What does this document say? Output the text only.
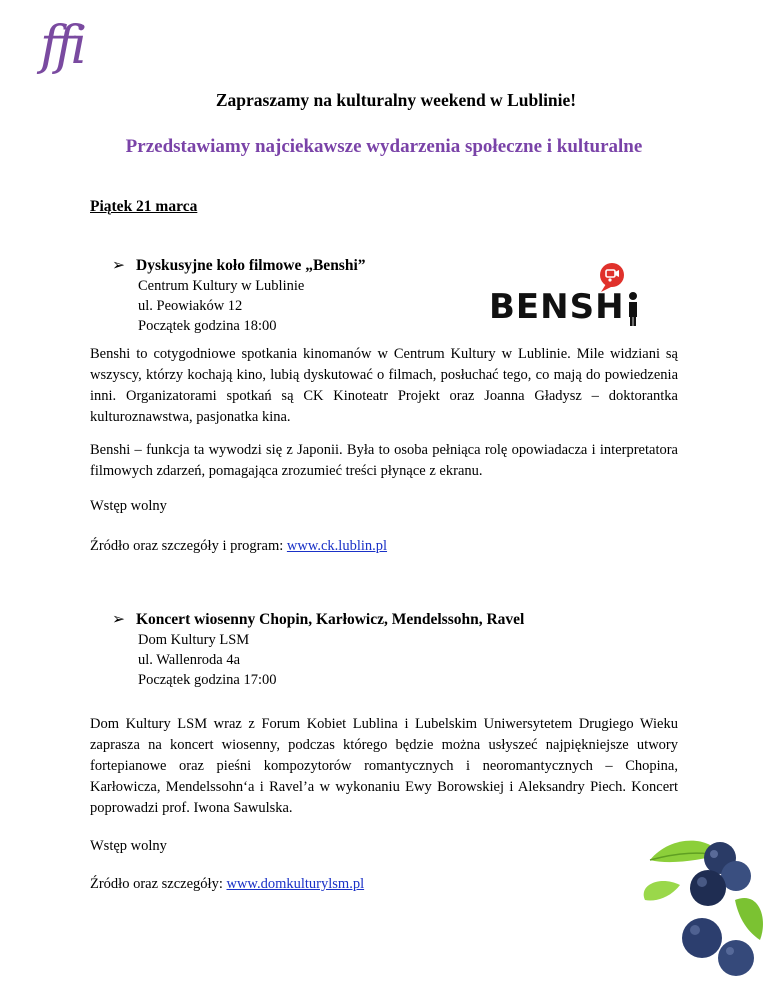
ffi
Zapraszamy na kulturalny weekend w Lublinie!
Przedstawiamy najciekawsze wydarzenia społeczne i kulturalne
Piątek 21 marca
➢ Dyskusyjne koło filmowe „Benshi”
Centrum Kultury w Lublinie
ul. Peowiaków 12
Początek godzina 18:00	BENSH
Benshi to cotygodniowe spotkania kinomanów w Centrum Kultury w Lublinie. Mile widziani są wszyscy, którzy kochają kino, lubią dyskutować o filmach, posłuchać tego, co mają do powiedzenia inni. Organizatorami spotkań są CK Kinoteatr Projekt oraz Joanna Gładysz – doktorantka kulturoznawstwa, pasjonatka kina.
Benshi – funkcja ta wywodzi się z Japonii. Była to osoba pełniąca rolę opowiadacza i interpretatora filmowych zdarzeń, pomagająca zrozumieć treści płynące z ekranu.
Wstęp wolny
Źródło oraz szczegóły i program: www.ck.lublin.pl
➢ Koncert wiosenny Chopin, Karłowicz, Mendelssohn, Ravel
Dom Kultury LSM
ul. Wallenroda 4a
Początek godzina 17:00
Dom Kultury LSM wraz z Forum Kobiet Lublina i Lubelskim Uniwersytetem Drugiego Wieku zaprasza na koncert wiosenny, podczas którego będzie można usłyszeć najpiękniejsze utwory fortepianowe oraz pieśni kompozytorów romantycznych i neoromantycznych – Chopina, Karłowicza, Mendelssohn‘a i Ravel’a w wykonaniu Ewy Borowskiej i Aleksandry Piech. Koncert poprowadzi prof. Iwona Sawulska.
Wstęp wolny
Źródło oraz szczegóły: www.domkulturylsm.pl
